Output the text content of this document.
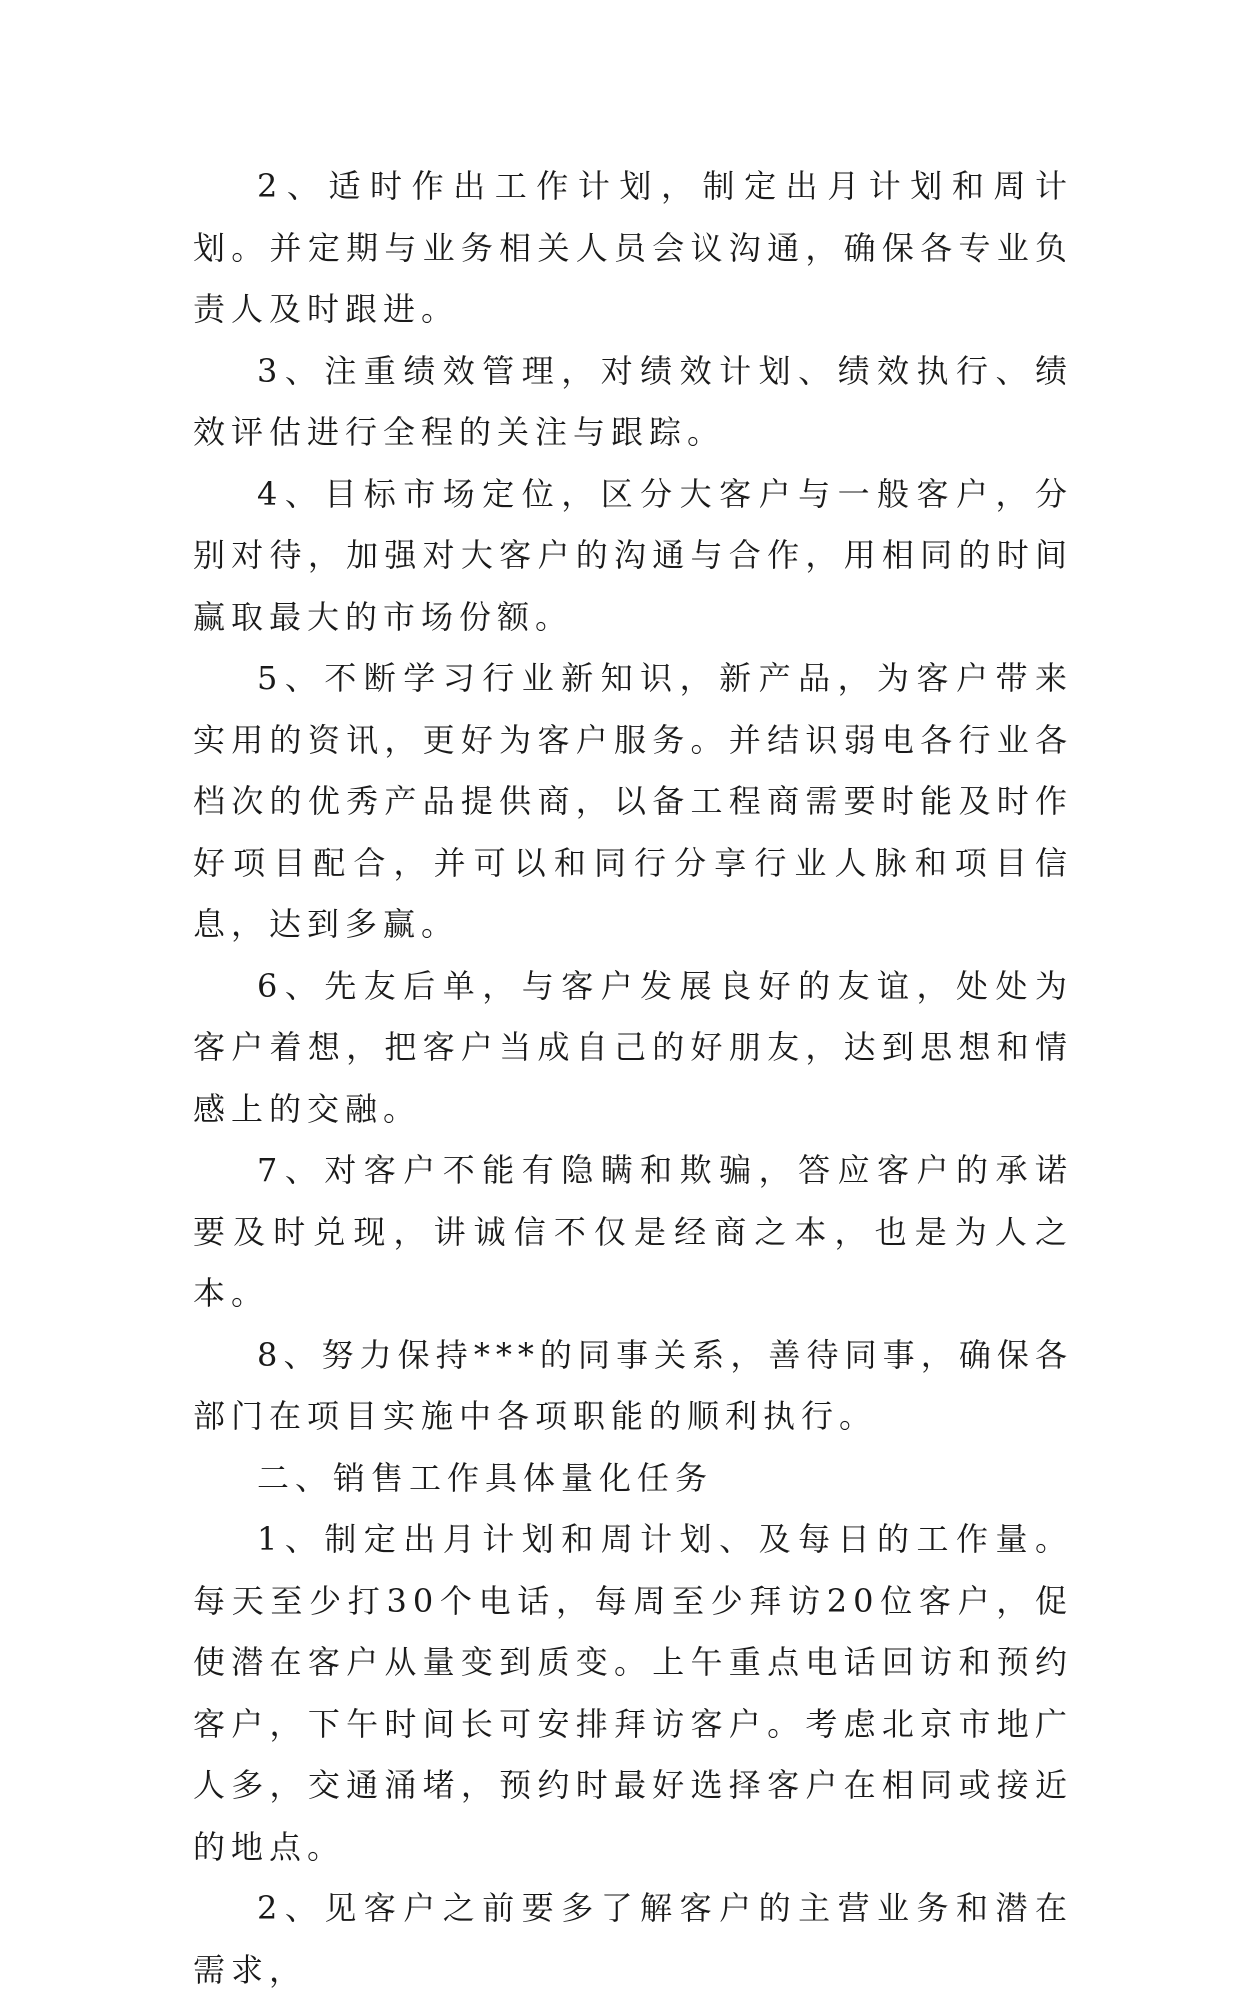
2、适时作出工作计划，制定出月计划和周计划。并定期与业务相关人员会议沟通，确保各专业负责人及时跟进。

3、注重绩效管理，对绩效计划、绩效执行、绩效评估进行全程的关注与跟踪。

4、目标市场定位，区分大客户与一般客户，分别对待，加强对大客户的沟通与合作，用相同的时间赢取最大的市场份额。

5、不断学习行业新知识，新产品，为客户带来实用的资讯，更好为客户服务。并结识弱电各行业各档次的优秀产品提供商，以备工程商需要时能及时作好项目配合，并可以和同行分享行业人脉和项目信息，达到多赢。

6、先友后单，与客户发展良好的友谊，处处为客户着想，把客户当成自己的好朋友，达到思想和情感上的交融。

7、对客户不能有隐瞒和欺骗，答应客户的承诺要及时兑现，讲诚信不仅是经商之本，也是为人之本。

8、努力保持***的同事关系，善待同事，确保各部门在项目实施中各项职能的顺利执行。

二、销售工作具体量化任务

1、制定出月计划和周计划、及每日的工作量。每天至少打30个电话，每周至少拜访20位客户，促使潜在客户从量变到质变。上午重点电话回访和预约客户，下午时间长可安排拜访客户。考虑北京市地广人多，交通涌堵，预约时最好选择客户在相同或接近的地点。

2、见客户之前要多了解客户的主营业务和潜在需求，
